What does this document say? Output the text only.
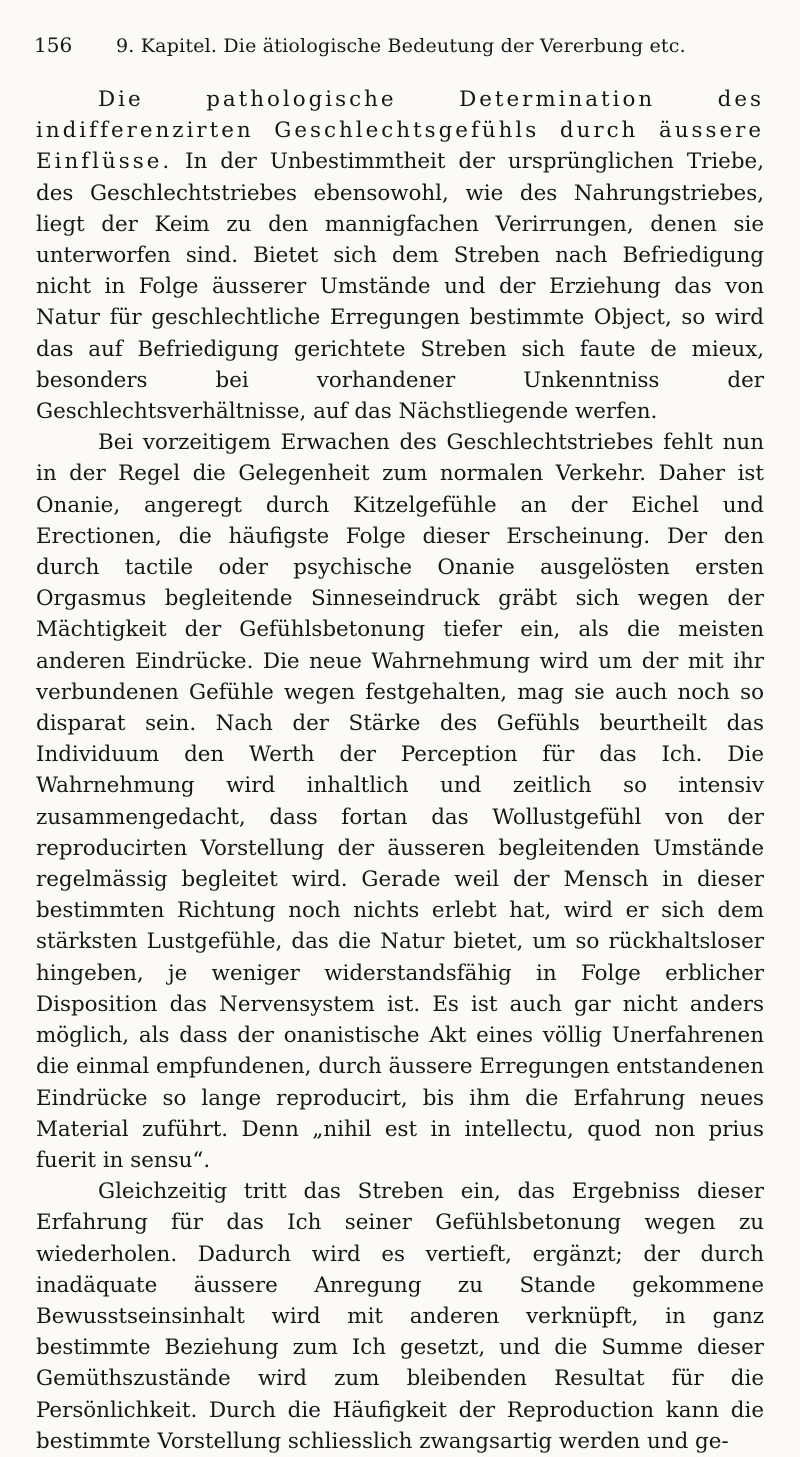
156	9. Kapitel. Die ätiologische Bedeutung der Vererbung etc.

Die pathologische Determination des indifferenzirten Geschlechtsgefühls durch äussere Einflüsse. In der Unbestimmtheit der ursprünglichen Triebe, des Geschlechtstriebes ebensowohl, wie des Nahrungstriebes, liegt der Keim zu den mannigfachen Verirrungen, denen sie unterworfen sind. Bietet sich dem Streben nach Befriedigung nicht in Folge äusserer Umstände und der Erziehung das von Natur für geschlechtliche Erregungen bestimmte Object, so wird das auf Befriedigung gerichtete Streben sich faute de mieux, besonders bei vorhandener Unkenntniss der Geschlechtsverhältnisse, auf das Nächstliegende werfen.

Bei vorzeitigem Erwachen des Geschlechtstriebes fehlt nun in der Regel die Gelegenheit zum normalen Verkehr. Daher ist Onanie, angeregt durch Kitzelgefühle an der Eichel und Erectionen, die häufigste Folge dieser Erscheinung. Der den durch tactile oder psychische Onanie ausgelösten ersten Orgasmus begleitende Sinneseindruck gräbt sich wegen der Mächtigkeit der Gefühlsbetonung tiefer ein, als die meisten anderen Eindrücke. Die neue Wahrnehmung wird um der mit ihr verbundenen Gefühle wegen festgehalten, mag sie auch noch so disparat sein. Nach der Stärke des Gefühls beurtheilt das Individuum den Werth der Perception für das Ich. Die Wahrnehmung wird inhaltlich und zeitlich so intensiv zusammengedacht, dass fortan das Wollustgefühl von der reproducirten Vorstellung der äusseren begleitenden Umstände regelmässig begleitet wird. Gerade weil der Mensch in dieser bestimmten Richtung noch nichts erlebt hat, wird er sich dem stärksten Lustgefühle, das die Natur bietet, um so rückhaltsloser hingeben, je weniger widerstandsfähig in Folge erblicher Disposition das Nervensystem ist. Es ist auch gar nicht anders möglich, als dass der onanistische Akt eines völlig Unerfahrenen die einmal empfundenen, durch äussere Erregungen entstandenen Eindrücke so lange reproducirt, bis ihm die Erfahrung neues Material zuführt. Denn „nihil est in intellectu, quod non prius fuerit in sensu“.

Gleichzeitig tritt das Streben ein, das Ergebniss dieser Erfahrung für das Ich seiner Gefühlsbetonung wegen zu wiederholen. Dadurch wird es vertieft, ergänzt; der durch inadäquate äussere Anregung zu Stande gekommene Bewusstseinsinhalt wird mit anderen verknüpft, in ganz bestimmte Beziehung zum Ich gesetzt, und die Summe dieser Gemüthszustände wird zum bleibenden Resultat für die Persönlichkeit. Durch die Häufigkeit der Reproduction kann die bestimmte Vorstellung schliesslich zwangsartig werden und ge-
